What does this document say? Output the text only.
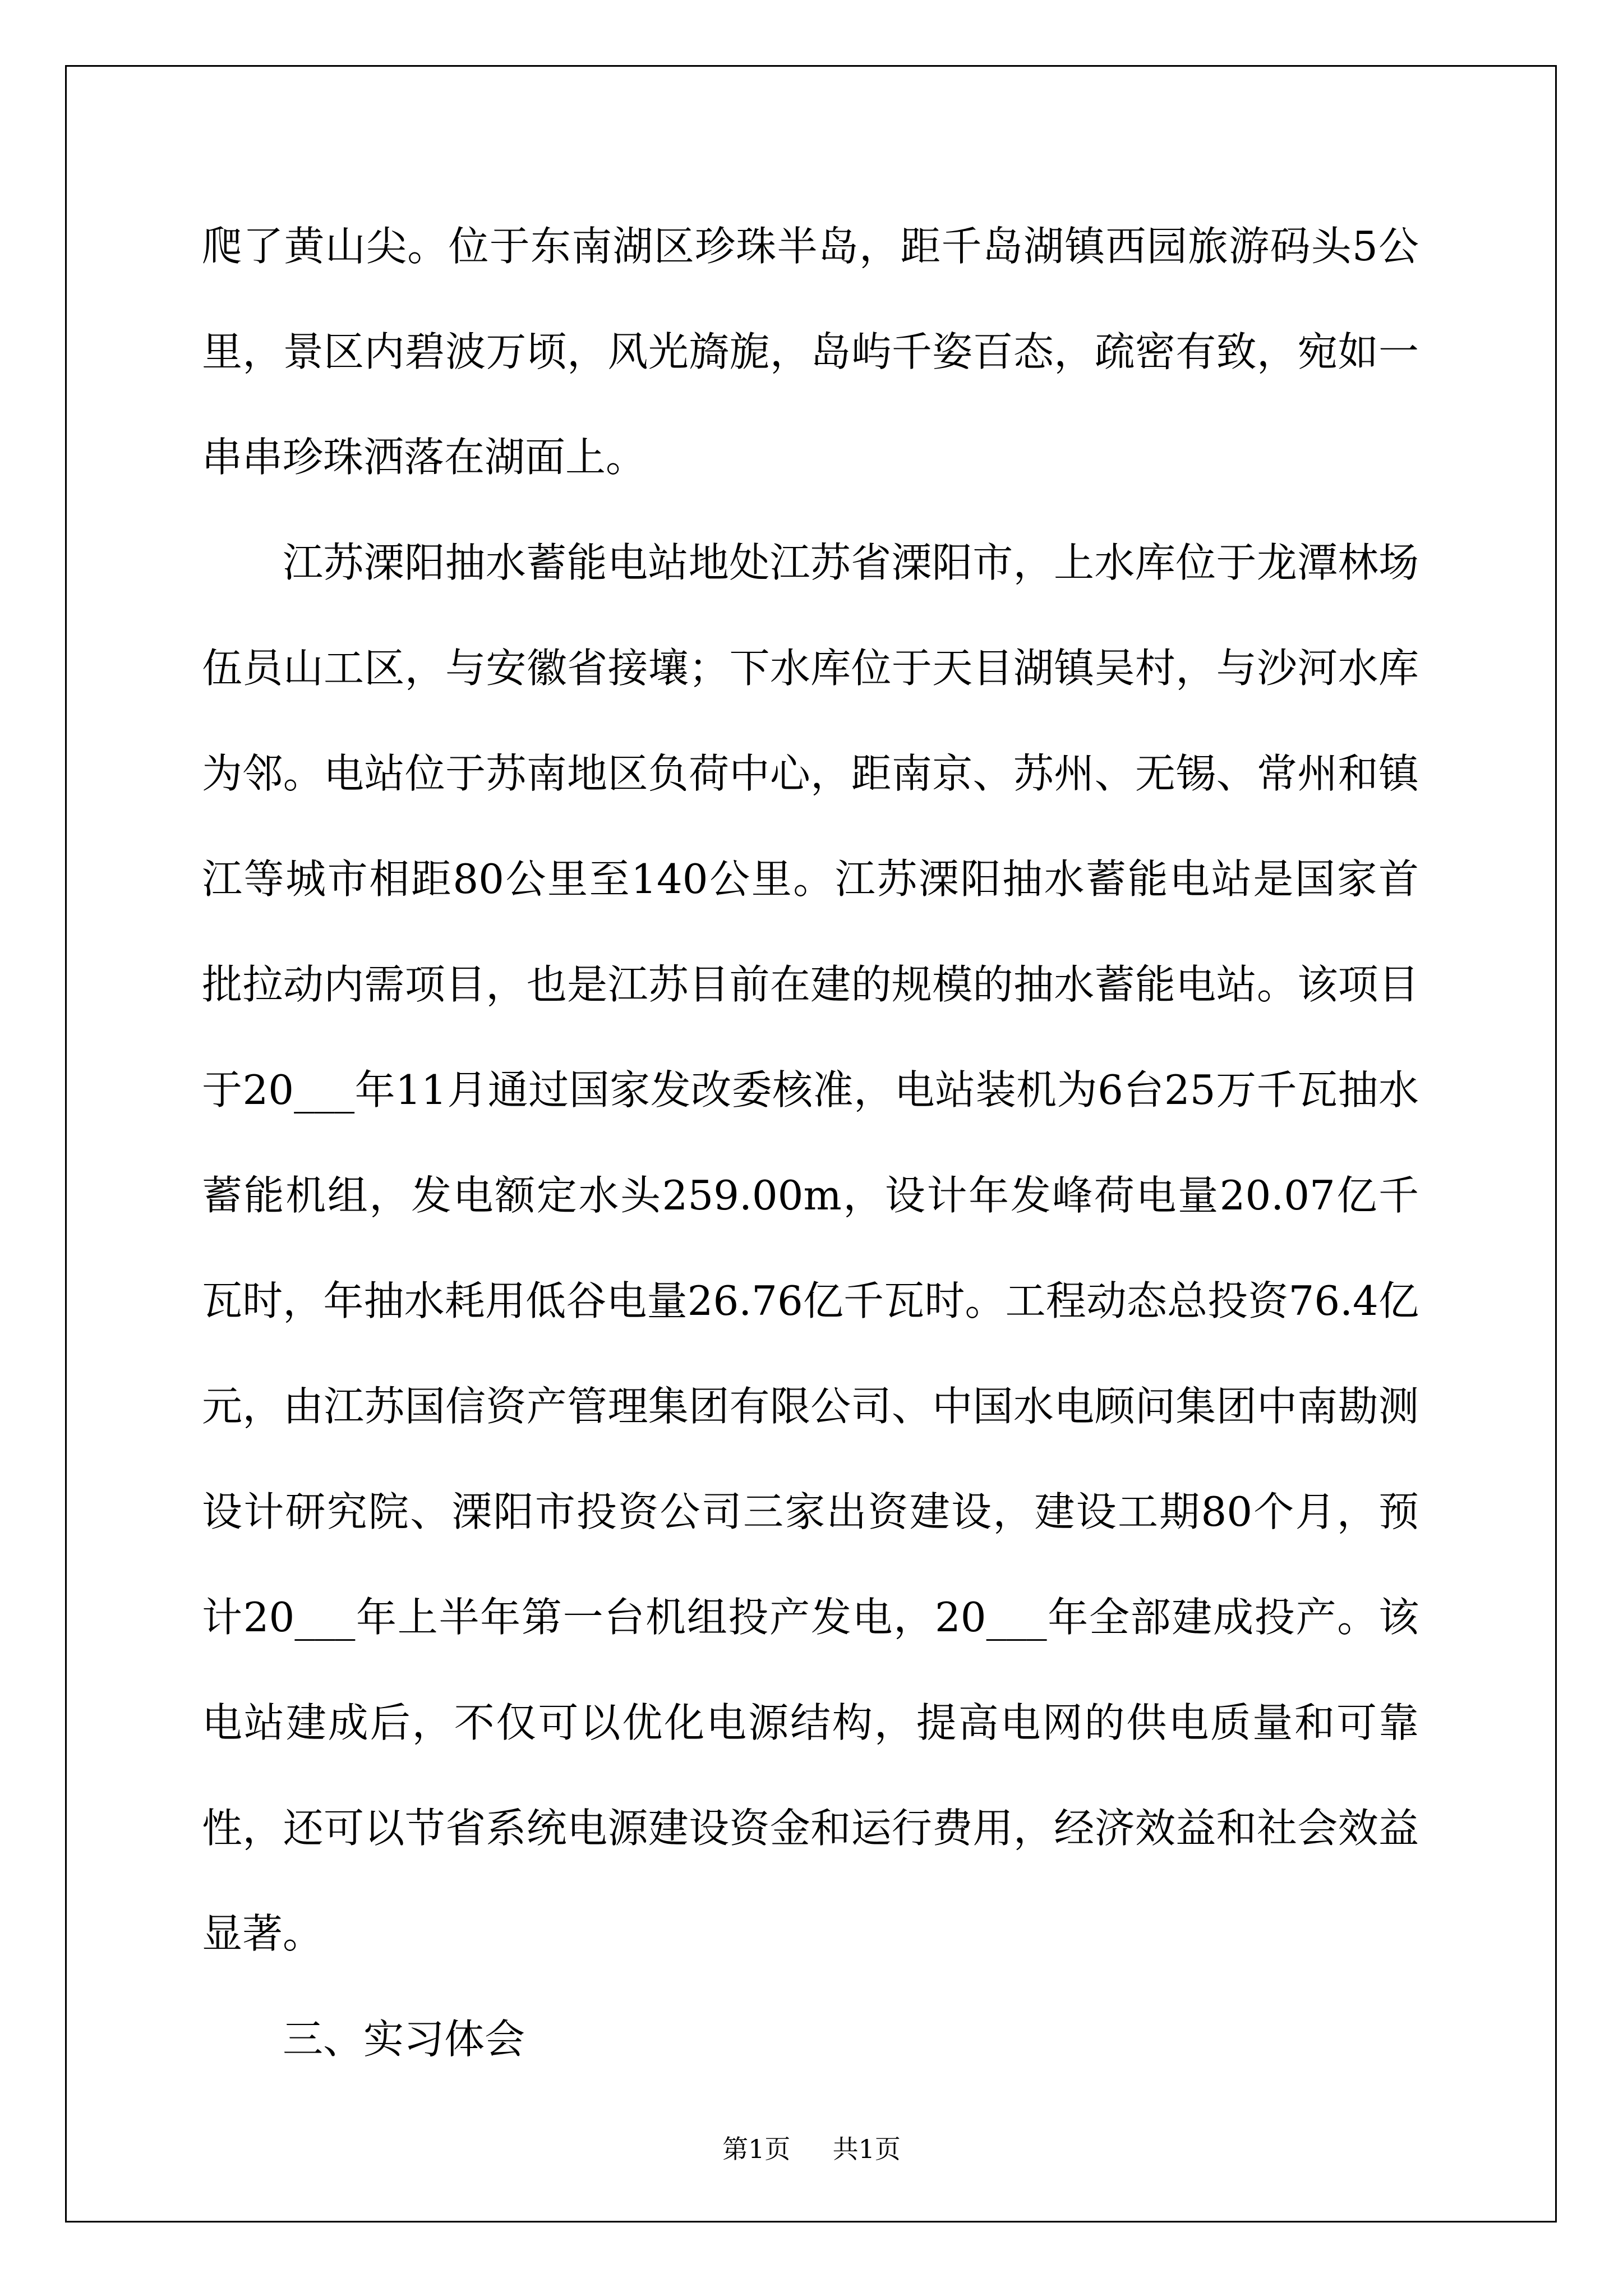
爬了黄山尖。位于东南湖区珍珠半岛，距千岛湖镇西园旅游码头5公里，景区内碧波万顷，风光旖旎，岛屿千姿百态，疏密有致，宛如一串串珍珠洒落在湖面上。

江苏溧阳抽水蓄能电站地处江苏省溧阳市，上水库位于龙潭林场伍员山工区，与安徽省接壤；下水库位于天目湖镇吴村，与沙河水库为邻。电站位于苏南地区负荷中心，距南京、苏州、无锡、常州和镇江等城市相距80公里至140公里。江苏溧阳抽水蓄能电站是国家首批拉动内需项目，也是江苏目前在建的规模的抽水蓄能电站。该项目于20___年11月通过国家发改委核准，电站装机为6台25万千瓦抽水蓄能机组，发电额定水头259.00m，设计年发峰荷电量20.07亿千瓦时，年抽水耗用低谷电量26.76亿千瓦时。工程动态总投资76.4亿元，由江苏国信资产管理集团有限公司、中国水电顾问集团中南勘测设计研究院、溧阳市投资公司三家出资建设，建设工期80个月，预计20___年上半年第一台机组投产发电，20___年全部建成投产。该电站建成后，不仅可以优化电源结构，提高电网的供电质量和可靠性，还可以节省系统电源建设资金和运行费用，经济效益和社会效益显著。

三、实习体会

第1页 共1页
